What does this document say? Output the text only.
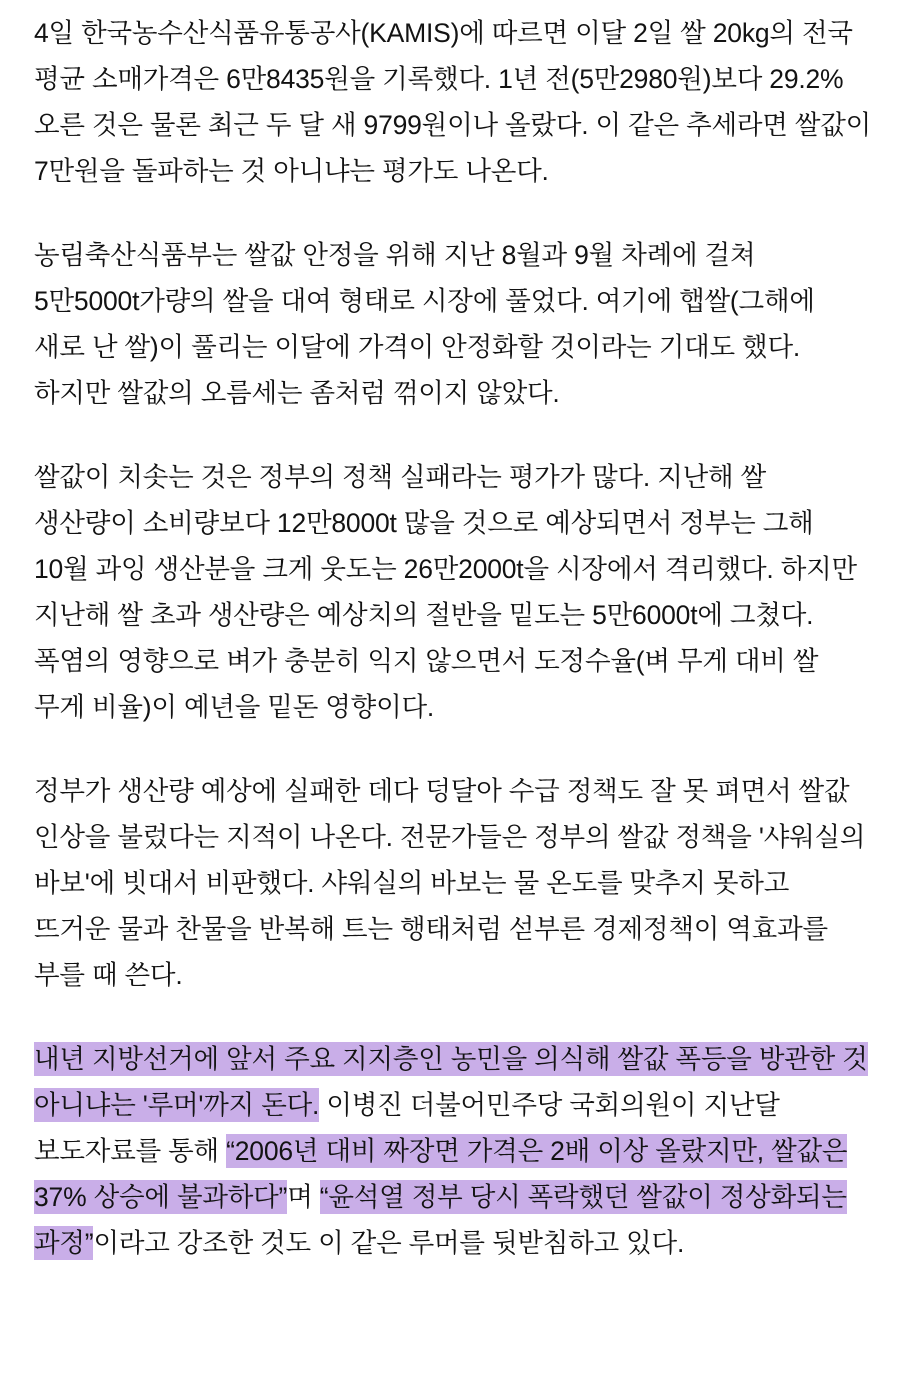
4일 한국농수산식품유통공사(KAMIS)에 따르면 이달 2일 쌀 20kg의 전국 평균 소매가격은 6만8435원을 기록했다. 1년 전(5만2980원)보다 29.2% 오른 것은 물론 최근 두 달 새 9799원이나 올랐다. 이 같은 추세라면 쌀값이 7만원을 돌파하는 것 아니냐는 평가도 나온다.
농림축산식품부는 쌀값 안정을 위해 지난 8월과 9월 차례에 걸쳐 5만5000t가량의 쌀을 대여 형태로 시장에 풀었다. 여기에 햅쌀(그해에 새로 난 쌀)이 풀리는 이달에 가격이 안정화할 것이라는 기대도 했다. 하지만 쌀값의 오름세는 좀처럼 꺾이지 않았다.
쌀값이 치솟는 것은 정부의 정책 실패라는 평가가 많다. 지난해 쌀 생산량이 소비량보다 12만8000t 많을 것으로 예상되면서 정부는 그해 10월 과잉 생산분을 크게 웃도는 26만2000t을 시장에서 격리했다. 하지만 지난해 쌀 초과 생산량은 예상치의 절반을 밑도는 5만6000t에 그쳤다. 폭염의 영향으로 벼가 충분히 익지 않으면서 도정수율(벼 무게 대비 쌀 무게 비율)이 예년을 밑돈 영향이다.
정부가 생산량 예상에 실패한 데다 덩달아 수급 정책도 잘 못 펴면서 쌀값 인상을 불렀다는 지적이 나온다. 전문가들은 정부의 쌀값 정책을 '샤워실의 바보'에 빗대서 비판했다. 샤워실의 바보는 물 온도를 맞추지 못하고 뜨거운 물과 찬물을 반복해 트는 행태처럼 섣부른 경제정책이 역효과를 부를 때 쓴다.
내년 지방선거에 앞서 주요 지지층인 농민을 의식해 쌀값 폭등을 방관한 것 아니냐는 '루머'까지 돈다. 이병진 더불어민주당 국회의원이 지난달 보도자료를 통해 “2006년 대비 짜장면 가격은 2배 이상 올랐지만, 쌀값은 37% 상승에 불과하다”며 “윤석열 정부 당시 폭락했던 쌀값이 정상화되는 과정”이라고 강조한 것도 이 같은 루머를 뒷받침하고 있다.
